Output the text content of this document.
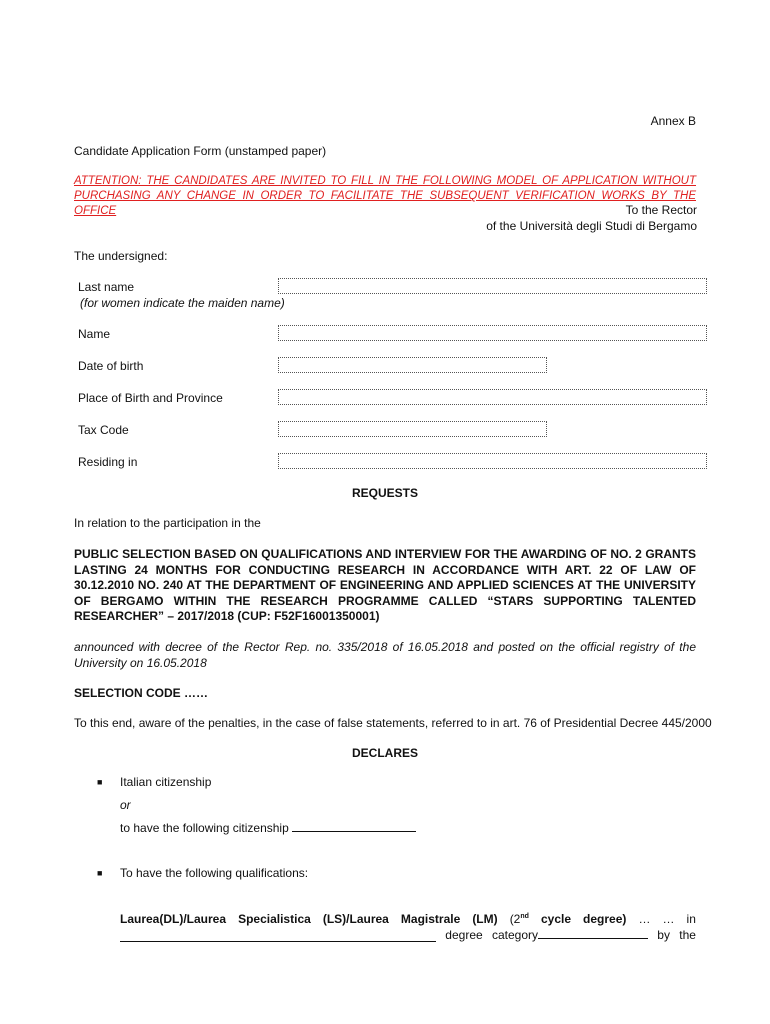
Annex B
Candidate Application Form (unstamped paper)
ATTENTION: THE CANDIDATES ARE INVITED TO FILL IN THE FOLLOWING MODEL OF APPLICATION WITHOUT PURCHASING ANY CHANGE IN ORDER TO FACILITATE THE SUBSEQUENT VERIFICATION WORKS BY THE OFFICE	To the Rector
of the Università degli Studi di Bergamo
The undersigned:
Last name
(for women indicate the maiden name)
Name
Date of birth
Place of Birth and Province
Tax Code
Residing in
REQUESTS
In relation to the participation in the
PUBLIC SELECTION BASED ON QUALIFICATIONS AND INTERVIEW FOR THE AWARDING OF NO. 2 GRANTS LASTING 24 MONTHS FOR CONDUCTING RESEARCH IN ACCORDANCE WITH ART. 22 OF LAW OF 30.12.2010 NO. 240 AT THE DEPARTMENT OF ENGINEERING AND APPLIED SCIENCES AT THE UNIVERSITY OF BERGAMO WITHIN THE RESEARCH PROGRAMME CALLED “STARS SUPPORTING TALENTED RESEARCHER” – 2017/2018 (CUP: F52F16001350001)
announced with decree of the Rector Rep. no. 335/2018 of 16.05.2018 and posted on the official registry of the University on 16.05.2018
SELECTION CODE ……
To this end, aware of the penalties, in the case of false statements, referred to in art. 76 of Presidential Decree 445/2000
DECLARES
■ Italian citizenship
or
to have the following citizenship
■ To have the following qualifications:
Laurea(DL)/Laurea Specialistica (LS)/Laurea Magistrale (LM) (2nd cycle degree) … … in
degree category	by the
